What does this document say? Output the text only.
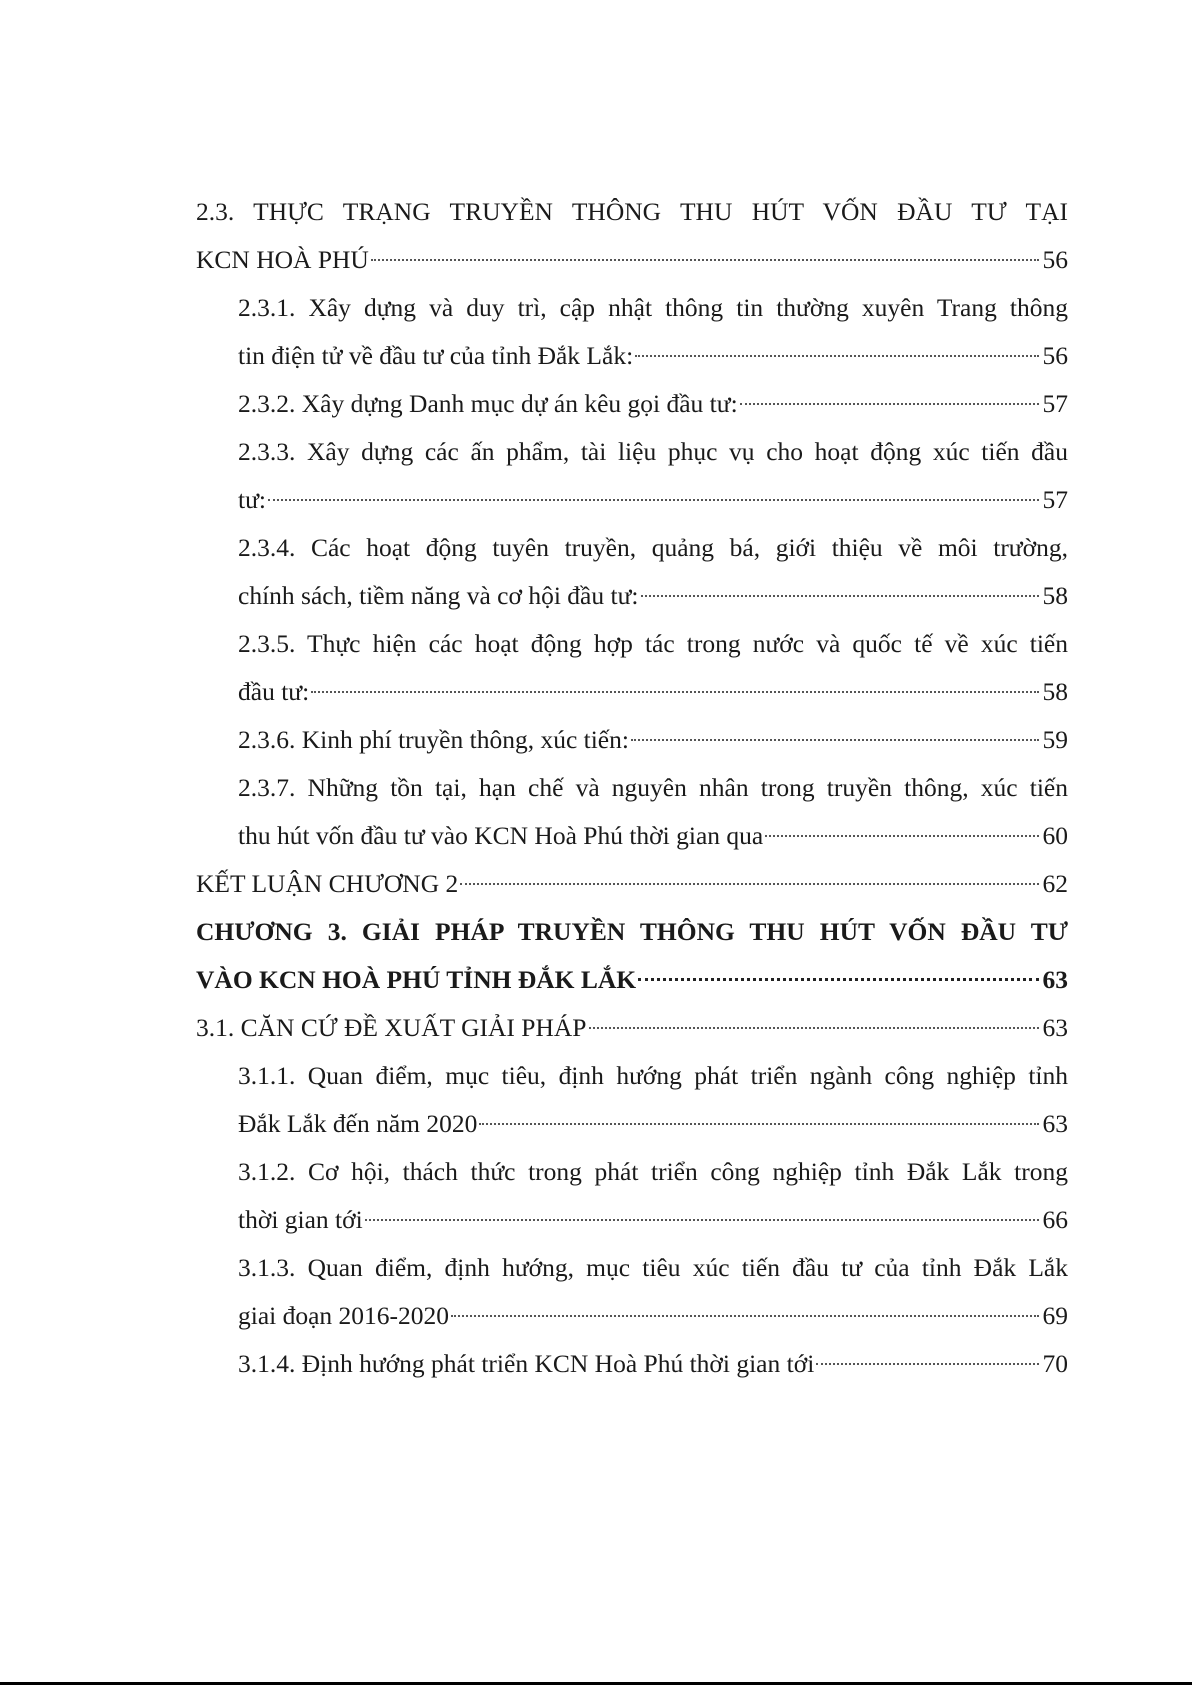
2.3. THỰC TRẠNG TRUYỀN THÔNG THU HÚT VỐN ĐẦU TƯ TẠI
KCN HOÀ PHÚ	56
2.3.1. Xây dựng và duy trì, cập nhật thông tin thường xuyên Trang thông
tin điện tử về đầu tư của tỉnh Đắk Lắk:	56
2.3.2. Xây dựng Danh mục dự án kêu gọi đầu tư:	57
2.3.3. Xây dựng các ấn phẩm, tài liệu phục vụ cho hoạt động xúc tiến đầu
tư:	57
2.3.4. Các hoạt động tuyên truyền, quảng bá, giới thiệu về môi trường,
chính sách, tiềm năng và cơ hội đầu tư:	58
2.3.5. Thực hiện các hoạt động hợp tác trong nước và quốc tế về xúc tiến
đầu tư:	58
2.3.6. Kinh phí truyền thông, xúc tiến:	59
2.3.7. Những tồn tại, hạn chế và nguyên nhân trong truyền thông, xúc tiến
thu hút vốn đầu tư vào KCN Hoà Phú thời gian qua	60
KẾT LUẬN CHƯƠNG 2	62
CHƯƠNG 3. GIẢI PHÁP TRUYỀN THÔNG THU HÚT VỐN ĐẦU TƯ
VÀO KCN HOÀ PHÚ TỈNH ĐẮK LẮK	63
3.1. CĂN CỨ ĐỀ XUẤT GIẢI PHÁP	63
3.1.1. Quan điểm, mục tiêu, định hướng phát triển ngành công nghiệp tỉnh
Đắk Lắk đến năm 2020	63
3.1.2. Cơ hội, thách thức trong phát triển công nghiệp tỉnh Đắk Lắk trong
thời gian tới	66
3.1.3. Quan điểm, định hướng, mục tiêu xúc tiến đầu tư của tỉnh Đắk Lắk
giai đoạn 2016-2020	69
3.1.4. Định hướng phát triển KCN Hoà Phú thời gian tới	70
